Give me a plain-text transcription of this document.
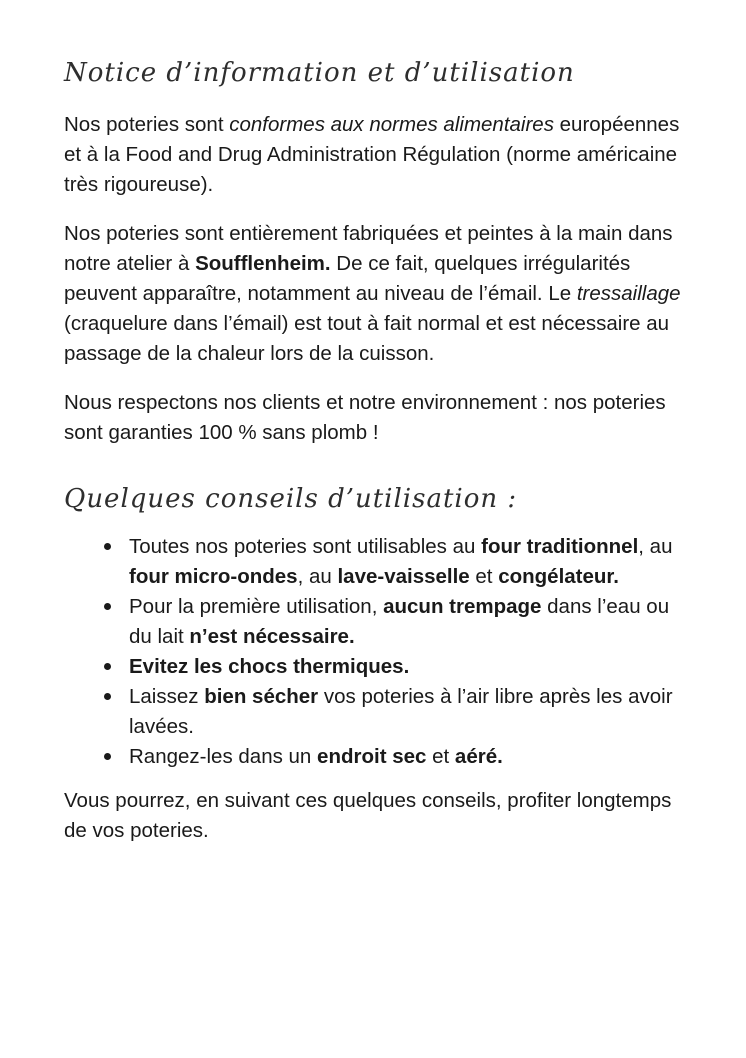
Notice d’information et d’utilisation

Nos poteries sont conformes aux normes alimentaires européennes et à la Food and Drug Administration Régulation (norme américaine très rigoureuse).

Nos poteries sont entièrement fabriquées et peintes à la main dans notre atelier à Soufflenheim. De ce fait, quelques irrégularités peuvent apparaître, notamment au niveau de l’émail. Le tressaillage (craquelure dans l’émail) est tout à fait normal et est nécessaire au passage de la chaleur lors de la cuisson.

Nous respectons nos clients et notre environnement : nos poteries sont garanties 100 % sans plomb !

Quelques conseils d’utilisation :
Toutes nos poteries sont utilisables au four traditionnel, au four micro-ondes, au lave-vaisselle et congélateur.
Pour la première utilisation, aucun trempage dans l’eau ou du lait n’est nécessaire.
Evitez les chocs thermiques.
Laissez bien sécher vos poteries à l’air libre après les avoir lavées.
Rangez-les dans un endroit sec et aéré.

Vous pourrez, en suivant ces quelques conseils, profiter longtemps de vos poteries.
